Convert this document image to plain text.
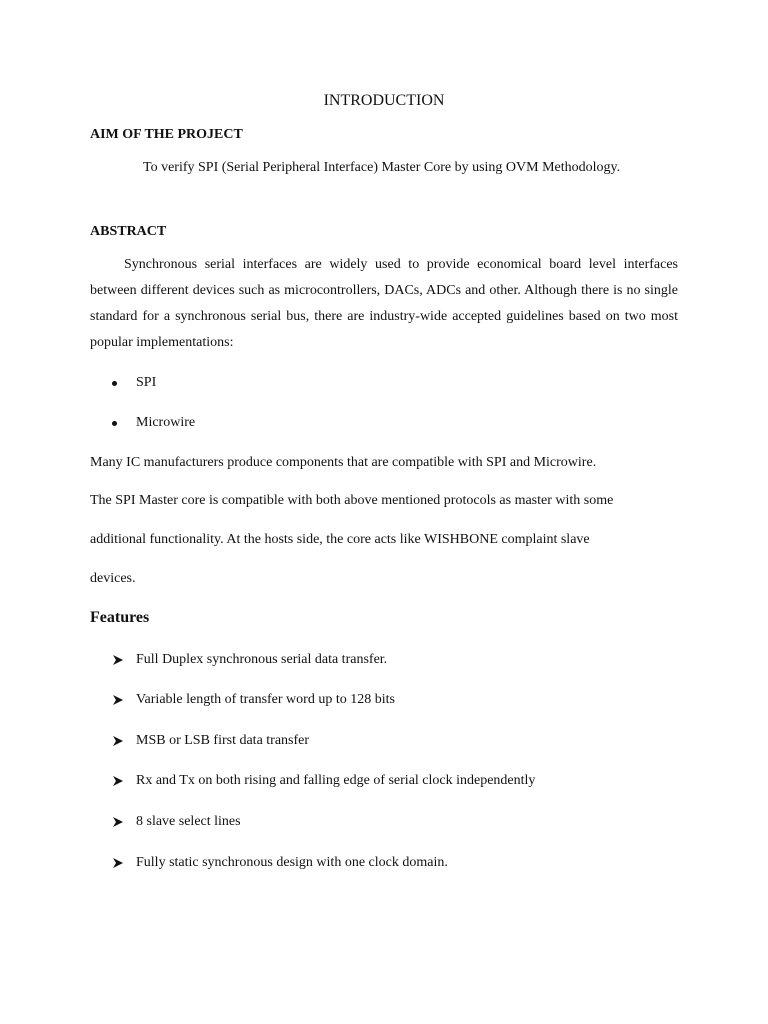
INTRODUCTION
AIM OF THE PROJECT
To verify SPI (Serial Peripheral Interface) Master Core by using OVM Methodology.
ABSTRACT
Synchronous serial interfaces are widely used to provide economical board level interfaces between different devices such as microcontrollers, DACs, ADCs and other. Although there is no single standard for a synchronous serial bus, there are industry-wide accepted guidelines based on two most popular implementations:
SPI
Microwire
Many IC manufacturers produce components that are compatible with SPI and Microwire.
The SPI Master core is compatible with both above mentioned protocols as master with some
additional functionality. At the hosts side, the core acts like WISHBONE complaint slave
devices.
Features
Full Duplex synchronous serial data transfer.
Variable length of transfer word up to 128 bits
MSB or LSB first data transfer
Rx and Tx on both rising and falling edge of serial clock independently
8 slave select lines
Fully static synchronous design with one clock domain.
